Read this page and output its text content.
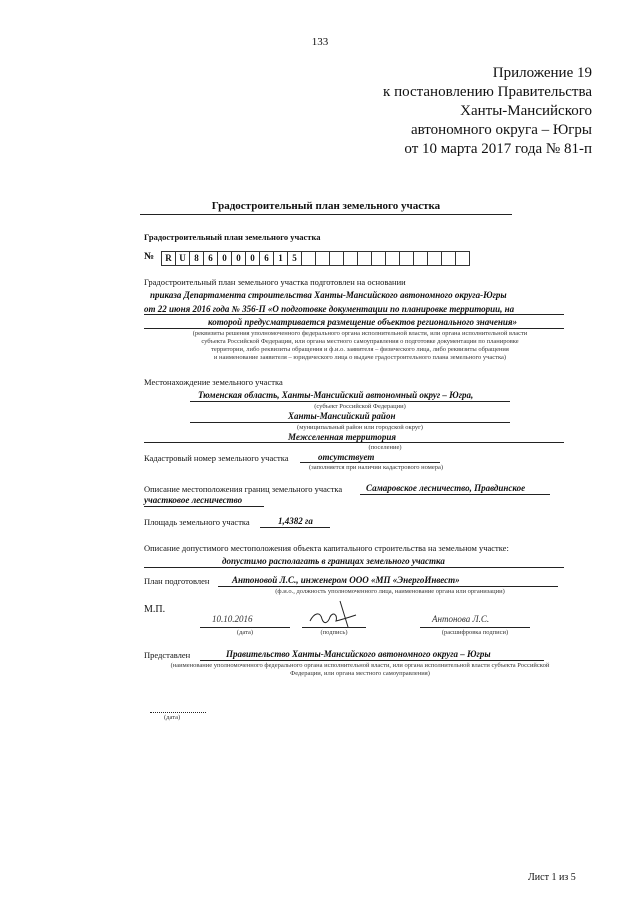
133
Приложение 19
к постановлению Правительства
Ханты-Мансийского
автономного округа – Югры
от 10 марта 2017 года № 81-п
Градостроительный план земельного участка
Градостроительный план земельного участка
№	R U 8	6	0	0	0	6	1	5
Градостроительный план земельного участка подготовлен на основании
приказа Департамента строительства Ханты-Мансийского автономного округа-Югры
от 22 июня 2016 года № 356-П «О подготовке документации по планировке территории, на
которой предусматривается размещение объектов регионального значения»
(реквизиты решения уполномоченного федерального органа исполнительной власти, или органа исполнительной власти
субъекта Российской Федерации, или органа местного самоуправления о подготовке документации по планировке
территории, либо реквизиты обращения и ф.и.о. заявителя – физического лица, либо реквизиты обращения
и наименование заявителя – юридического лица о выдаче градостроительного плана земельного участка)
Местонахождение земельного участка
Тюменская область, Ханты-Мансийский автономный округ – Югра,
(субъект Российской Федерации)
Ханты-Мансийский район
(муниципальный район или городской округ)
Межселенная территория
(поселение)
Кадастровый номер земельного участка	отсутствует
(заполняется при наличии кадастрового номера)
Описание местоположения границ земельного участка	Самаровское лесничество, Правдинское
участковое лесничество
Площадь земельного участка	1,4382 га
Описание допустимого местоположения объекта капитального строительства на земельном участке:
допустимо располагать в границах земельного участка
План подготовлен	Антоновой Л.С., инженером ООО «МП «ЭнергоИнвест»
(ф.и.о., должность уполномоченного лица, наименование органа или организации)
М.П.
10.10.2016
(дата)	(подпись)
Антонова Л.С.
(расшифровка подписи)
Представлен	Правительство Ханты-Мансийского автономного округа – Югры
(наименование уполномоченного федерального органа исполнительной власти, или органа исполнительной власти субъекта Российской
Федерации, или органа местного самоуправления)
(дата)
Лист 1 из 5
